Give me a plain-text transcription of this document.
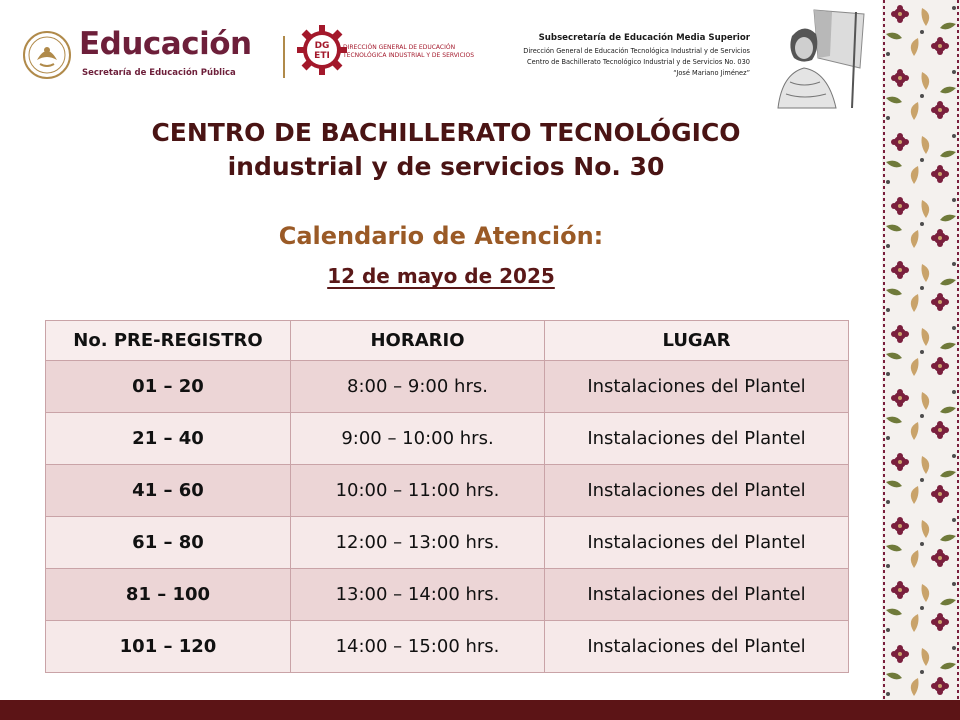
Educación
Secretaría de Educación Pública
DG
ETI
DIRECCIÓN GENERAL DE EDUCACIÓN TECNOLÓGICA INDUSTRIAL Y DE SERVICIOS
Subsecretaría de Educación Media Superior
Dirección General de Educación Tecnológica Industrial y de Servicios
Centro de Bachillerato Tecnológico Industrial y de Servicios No. 030
“José Mariano Jiménez”
CENTRO DE BACHILLERATO TECNOLÓGICO
industrial y de servicios No. 30
Calendario de Atención:
12 de mayo de 2025
No. PRE-REGISTRO	HORARIO	LUGAR
01 – 20	8:00 – 9:00 hrs.	Instalaciones del Plantel
21 – 40	9:00 – 10:00 hrs.	Instalaciones del Plantel
41 – 60	10:00 – 11:00 hrs.	Instalaciones del Plantel
61 – 80	12:00 – 13:00 hrs.	Instalaciones del Plantel
81 – 100	13:00 – 14:00 hrs.	Instalaciones del Plantel
101 – 120	14:00 – 15:00 hrs.	Instalaciones del Plantel
